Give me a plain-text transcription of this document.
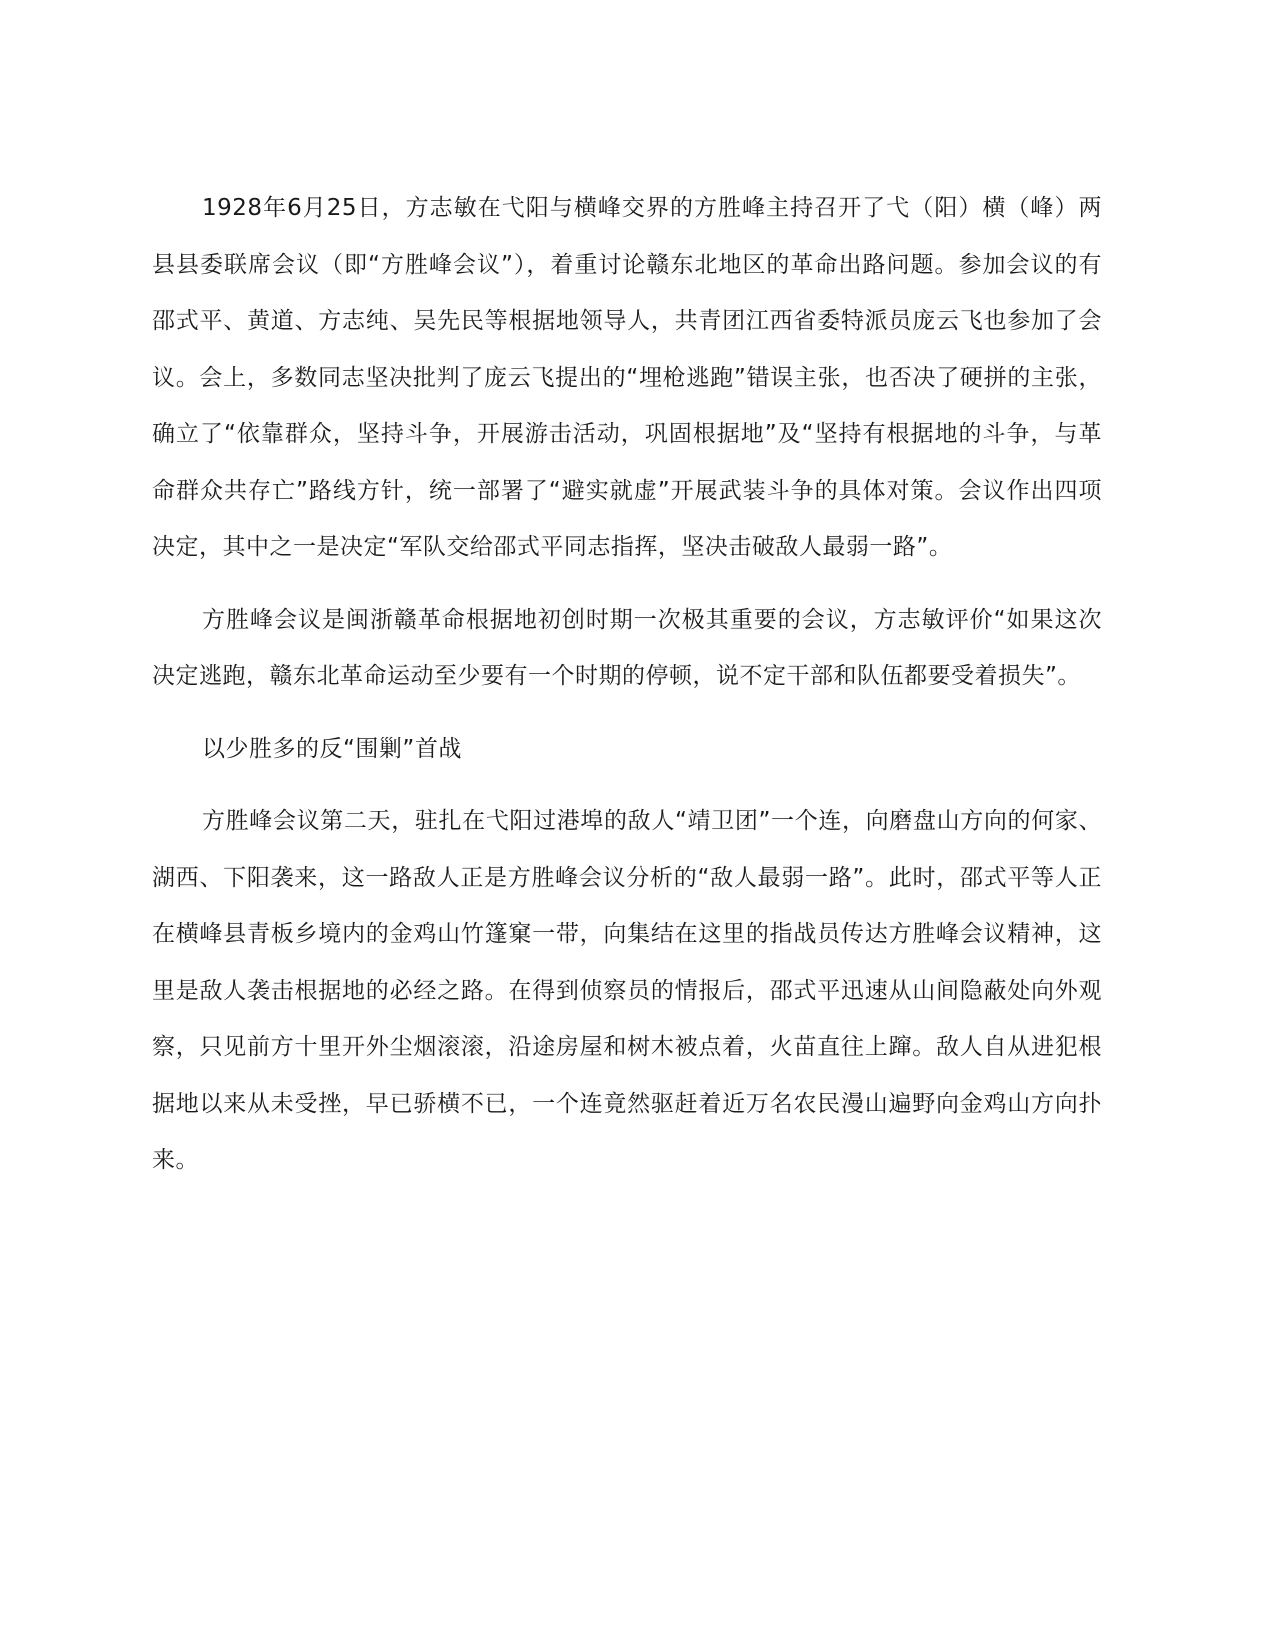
1928年6月25日，方志敏在弋阳与横峰交界的方胜峰主持召开了弋（阳）横（峰）两县县委联席会议（即“方胜峰会议”），着重讨论赣东北地区的革命出路问题。参加会议的有邵式平、黄道、方志纯、吴先民等根据地领导人，共青团江西省委特派员庞云飞也参加了会议。会上，多数同志坚决批判了庞云飞提出的“埋枪逃跑”错误主张，也否决了硬拼的主张，确立了“依靠群众，坚持斗争，开展游击活动，巩固根据地”及“坚持有根据地的斗争，与革命群众共存亡”路线方针，统一部署了“避实就虚”开展武装斗争的具体对策。会议作出四项决定，其中之一是决定“军队交给邵式平同志指挥，坚决击破敌人最弱一路”。

方胜峰会议是闽浙赣革命根据地初创时期一次极其重要的会议，方志敏评价“如果这次决定逃跑，赣东北革命运动至少要有一个时期的停顿，说不定干部和队伍都要受着损失”。

以少胜多的反“围剿”首战

方胜峰会议第二天，驻扎在弋阳过港埠的敌人“靖卫团”一个连，向磨盘山方向的何家、湖西、下阳袭来，这一路敌人正是方胜峰会议分析的“敌人最弱一路”。此时，邵式平等人正在横峰县青板乡境内的金鸡山竹篷窠一带，向集结在这里的指战员传达方胜峰会议精神，这里是敌人袭击根据地的必经之路。在得到侦察员的情报后，邵式平迅速从山间隐蔽处向外观察，只见前方十里开外尘烟滚滚，沿途房屋和树木被点着，火苗直往上蹿。敌人自从进犯根据地以来从未受挫，早已骄横不已，一个连竟然驱赶着近万名农民漫山遍野向金鸡山方向扑来。
